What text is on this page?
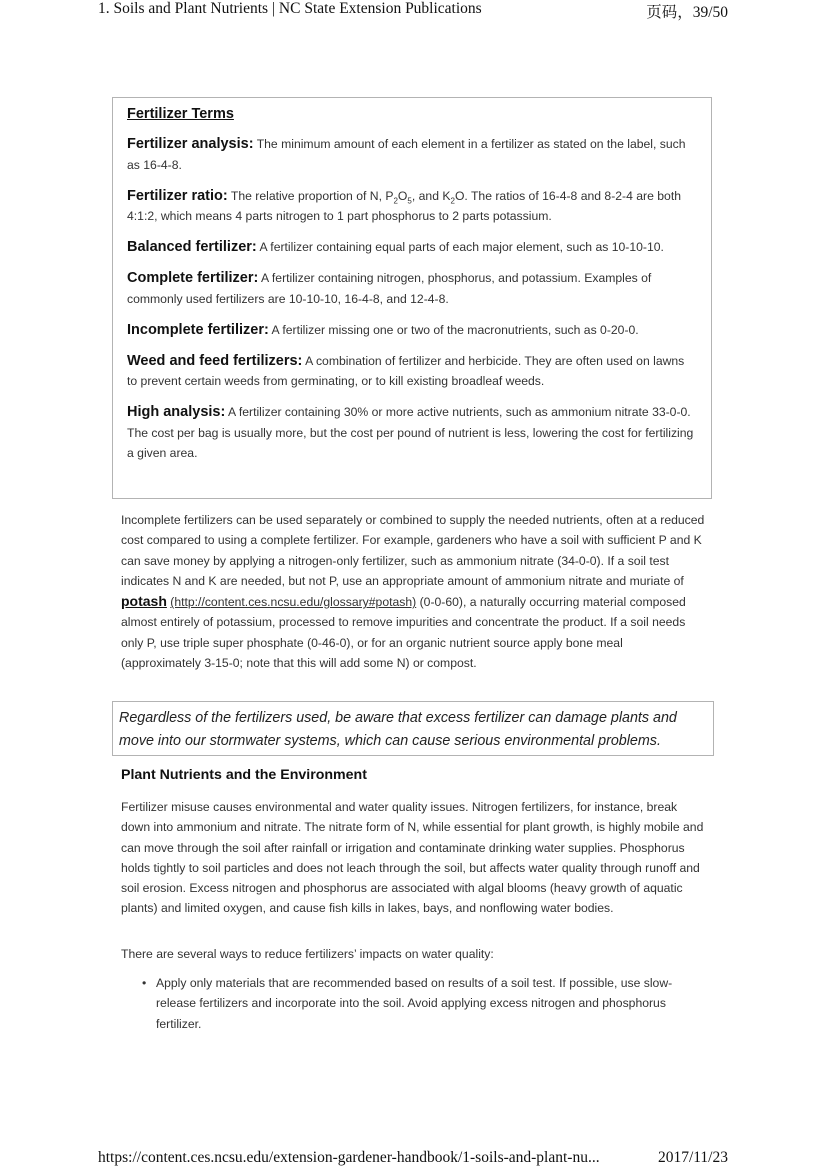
1. Soils and Plant Nutrients | NC State Extension Publications	页码，39/50

Fertilizer Terms

Fertilizer analysis: The minimum amount of each element in a fertilizer as stated on the label, such as 16-4-8.

Fertilizer ratio: The relative proportion of N, $P_2O_5$, and $K_2O$. The ratios of 16-4-8 and 8-2-4 are both 4:1:2, which means 4 parts nitrogen to 1 part phosphorus to 2 parts potassium.

Balanced fertilizer: A fertilizer containing equal parts of each major element, such as 10-10-10.

Complete fertilizer: A fertilizer containing nitrogen, phosphorus, and potassium. Examples of commonly used fertilizers are 10-10-10, 16-4-8, and 12-4-8.

Incomplete fertilizer: A fertilizer missing one or two of the macronutrients, such as 0-20-0.

Weed and feed fertilizers: A combination of fertilizer and herbicide. They are often used on lawns to prevent certain weeds from germinating, or to kill existing broadleaf weeds.

High analysis: A fertilizer containing 30% or more active nutrients, such as ammonium nitrate 33-0-0. The cost per bag is usually more, but the cost per pound of nutrient is less, lowering the cost for fertilizing a given area.

Incomplete fertilizers can be used separately or combined to supply the needed nutrients, often at a reduced cost compared to using a complete fertilizer. For example, gardeners who have a soil with sufficient P and K can save money by applying a nitrogen-only fertilizer, such as ammonium nitrate (34-0-0). If a soil test indicates N and K are needed, but not P, use an appropriate amount of ammonium nitrate and muriate of potash (http://content.ces.ncsu.edu/glossary#potash) (0-0-60), a naturally occurring material composed almost entirely of potassium, processed to remove impurities and concentrate the product. If a soil needs only P, use triple super phosphate (0-46-0), or for an organic nutrient source apply bone meal (approximately 3-15-0; note that this will add some N) or compost.

Regardless of the fertilizers used, be aware that excess fertilizer can damage plants and move into our stormwater systems, which can cause serious environmental problems.
Plant Nutrients and the Environment

Fertilizer misuse causes environmental and water quality issues. Nitrogen fertilizers, for instance, break down into ammonium and nitrate. The nitrate form of N, while essential for plant growth, is highly mobile and can move through the soil after rainfall or irrigation and contaminate drinking water supplies. Phosphorus holds tightly to soil particles and does not leach through the soil, but affects water quality through runoff and soil erosion. Excess nitrogen and phosphorus are associated with algal blooms (heavy growth of aquatic plants) and limited oxygen, and cause fish kills in lakes, bays, and nonflowing water bodies.

There are several ways to reduce fertilizers’ impacts on water quality:

• Apply only materials that are recommended based on results of a soil test. If possible, use slow-release fertilizers and incorporate into the soil. Avoid applying excess nitrogen and phosphorus fertilizer.
https://content.ces.ncsu.edu/extension-gardener-handbook/1-soils-and-plant-nu...	2017/11/23
